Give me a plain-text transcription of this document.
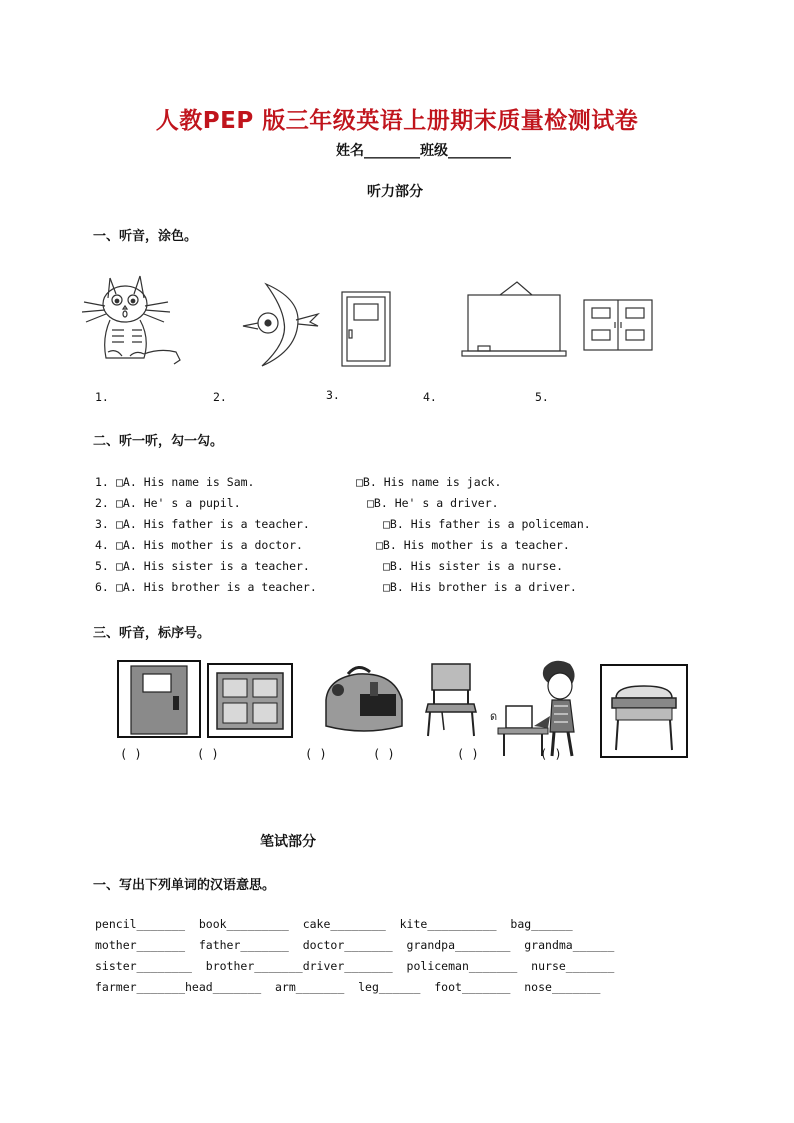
人教PEP 版三年级英语上册期末质量检测试卷
姓名________班级_________
听力部分
一、听音，涂色。
1.	2.	3.	4.	5.
二、听一听，勾一勾。
1. □A. His name is Sam.	□B. His name is jack.
2. □A. He' s a pupil.	□B. He' s a driver.
3. □A. His father is a teacher.	□B. His father is a policeman.
4. □A. His mother is a doctor.	□B. His mother is a teacher.
5. □A. His sister is a teacher.	□B. His sister is a nurse.
6. □A. His brother is a teacher.	□B. His brother is a driver.
三、听音，标序号。
ด
( )	( )	( )	( )	( )	( )
笔试部分
一、写出下列单词的汉语意思。
pencil_______  book_________  cake________  kite__________  bag______
mother_______  father_______  doctor_______  grandpa________  grandma______
sister________  brother_______driver_______  policeman_______  nurse_______
farmer_______head_______  arm_______  leg______  foot_______  nose_______
